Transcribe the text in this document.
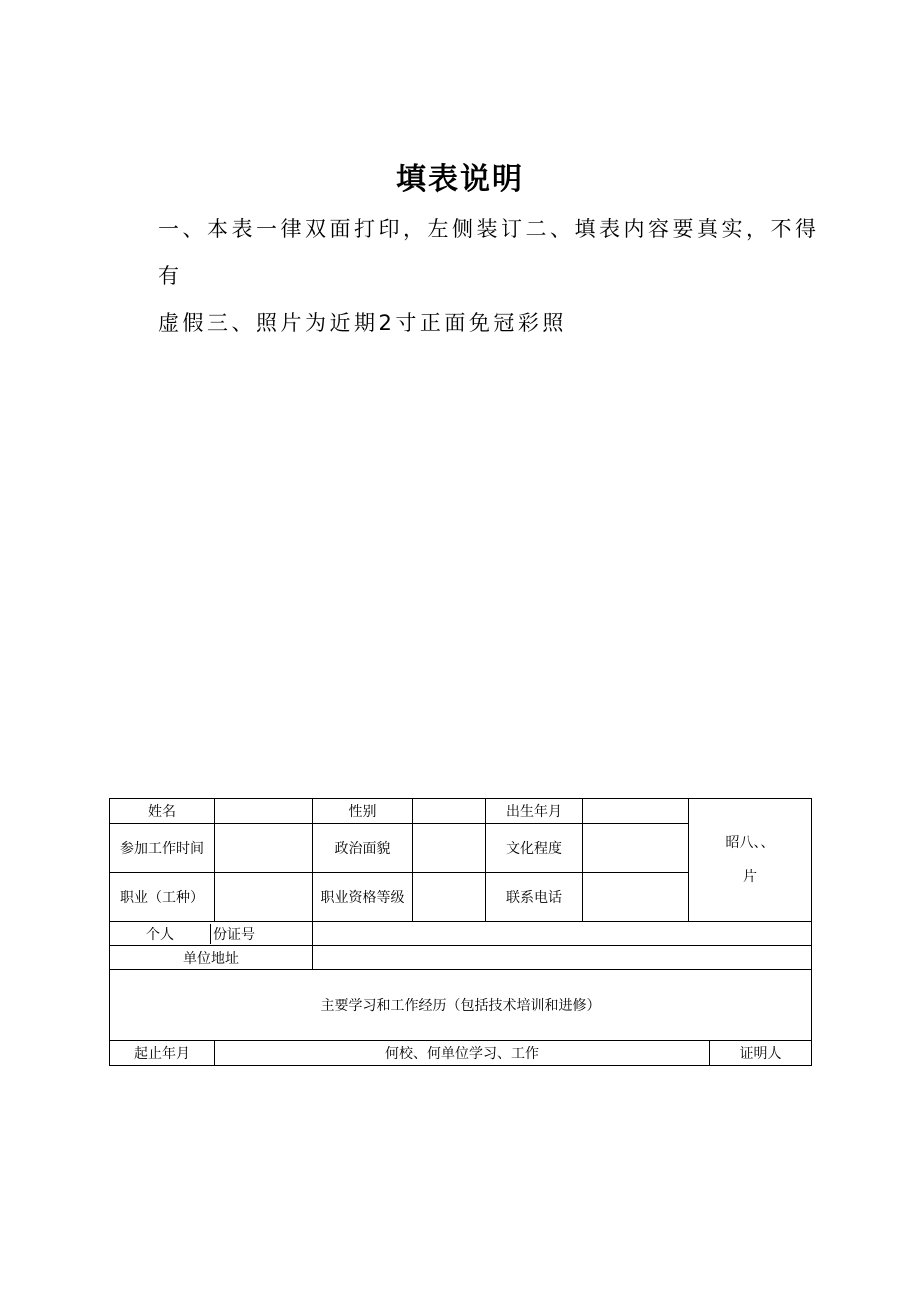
填表说明
一、本表一律双面打印，左侧装订二、填表内容要真实，不得有
虚假三、照片为近期2寸正面免冠彩照
姓名		性别		出生年月		昭八、、
片	

参加工作时间		政治面貌		文化程度			
职业（工种）		职业资格等级		联系电话			

个人 份证号							

单位地址							
主要学习和工作经历（包括技术培训和进修）							
起止年月	何校、何单位学习、工作						证明人
